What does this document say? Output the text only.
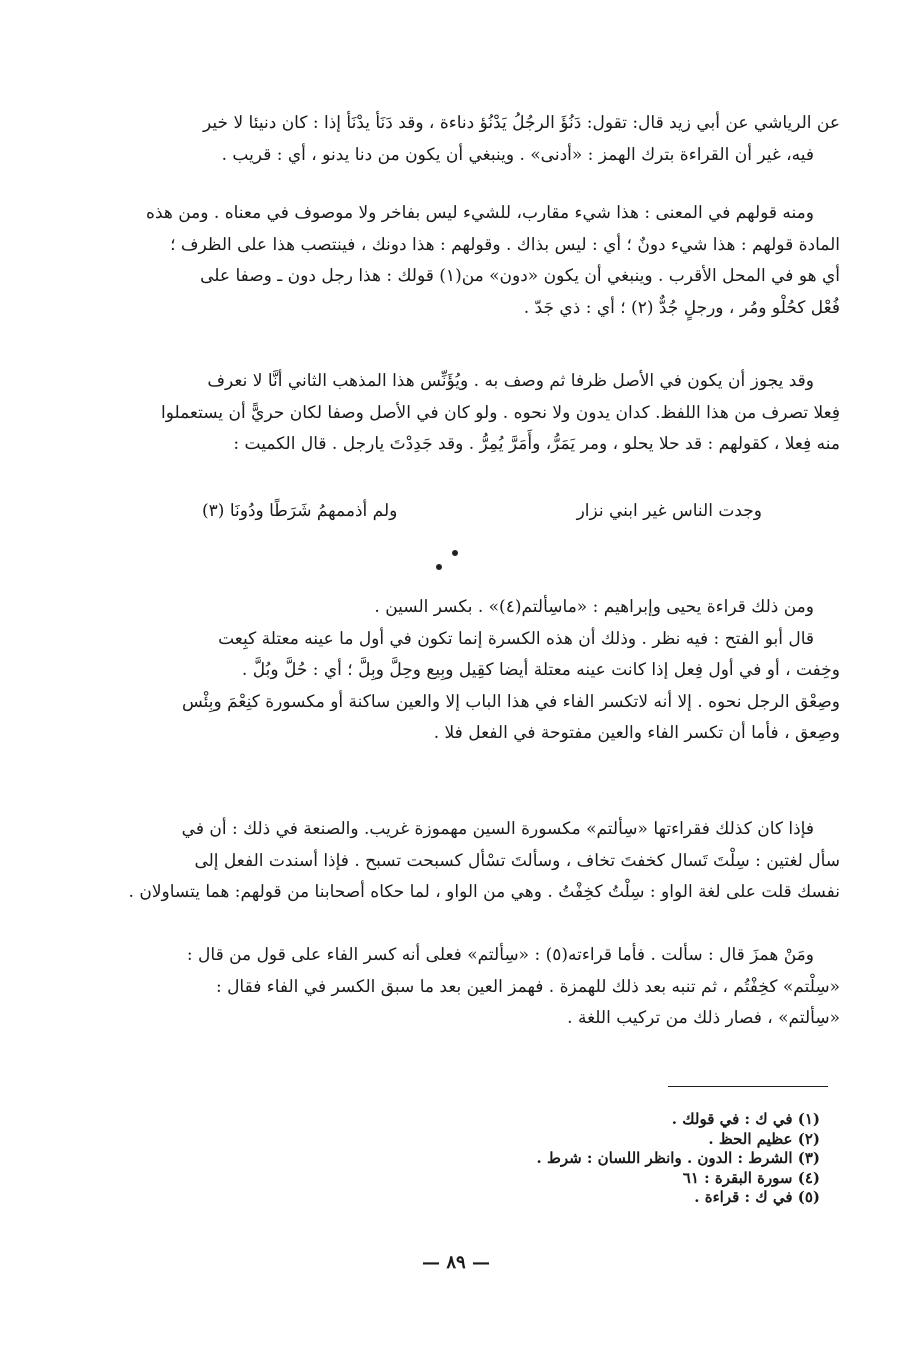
عن الرياشي عن أبي زيد قال: تقول: دَنُؤَ الرجُلُ يَدْنُؤ دناءة ، وقد دَنَأ يدْنَأ إذا : كان دنيئا لا خير
فيه، غير أن القراءة بترك الهمز : «أدنى» . وينبغي أن يكون من دنا يدنو ، أي : قريب .
ومنه قولهم في المعنى : هذا شيء مقارب، للشيء ليس بفاخر ولا موصوف في معناه . ومن هذه
المادة قولهم : هذا شيء دونٌ ؛ أي : ليس بذاك . وقولهم : هذا دونك ، فينتصب هذا على الظرف ؛
أي هو في المحل الأقرب . وينبغي أن يكون «دون» من(١) قولك : هذا رجل دون ـ وصفا على
فُعْل كحُلْو ومُر ، ورجلٍ جُدٌّ (٢) ؛ أي : ذي جَدّ .
وقد يجوز أن يكون في الأصل ظرفا ثم وصف به . ويُؤَنِّس هذا المذهب الثاني أنَّا لا نعرف
فِعلا تصرف من هذا اللفظ. كدان يدون ولا نحوه . ولو كان في الأصل وصفا لكان حريًّ أن يستعملوا
منه فِعلا ، كقولهم : قد حلا يحلو ، ومر يَمَرُّ، وأَمَرَّ يُمِرُّ . وقد جَدِدْتَ يارجل . قال الكميت :
وجدت الناس غير ابني نزار
ولم أذممهمُ شَرَطًا ودُونَا (٣)
ومن ذلك قراءة يحيى وإبراهيم : «ماسِألتم(٤)» . بكسر السين .
قال أبو الفتح : فيه نظر . وذلك أن هذه الكسرة إنما تكون في أول ما عينه معتلة كبِعت
وخِفت ، أو في أول فِعل إذا كانت عينه معتلة أيضا كقِيل وبِيع وحِلَّ وبِلَّ ؛ أي : حُلَّ وبُلَّ .
وصِعْق الرجل نحوه . إلا أنه لاتكسر الفاء في هذا الباب إلا والعين ساكنة أو مكسورة كنِعْمَ وبِئْس
وصِعق ، فأما أن تكسر الفاء والعين مفتوحة في الفعل فلا .
فإذا كان كذلك فقراءتها «سِألتم» مكسورة السين مهموزة غريب. والصنعة في ذلك : أن في
سأل لغتين : سِلْتَ تَسال كخفتَ تخاف ، وسألتَ تسْأل كسبحت تسبح . فإذا أسندت الفعل إلى
نفسك قلت على لغة الواو : سِلْتُ كخِفْتُ . وهي من الواو ، لما حكاه أصحابنا من قولهم: هما يتساولان .
ومَنْ همزَ قال : سألت . فأما قراءته(٥) : «سِألتم» فعلى أنه كسر الفاء على قول من قال :
«سِلْتم» كخِفْتُم ، ثم تنبه بعد ذلك للهمزة . فهمز العين بعد ما سبق الكسر في الفاء فقال :
«سِألتم» ، فصار ذلك من تركيب اللغة .
(١) في ك : في قولك .
(٢) عظيم الحظ .
(٣) الشرط : الدون . وانظر اللسان : شرط .
(٤) سورة البقرة : ٦١
(٥) في ك : قراءة .
— ٨٩ —
